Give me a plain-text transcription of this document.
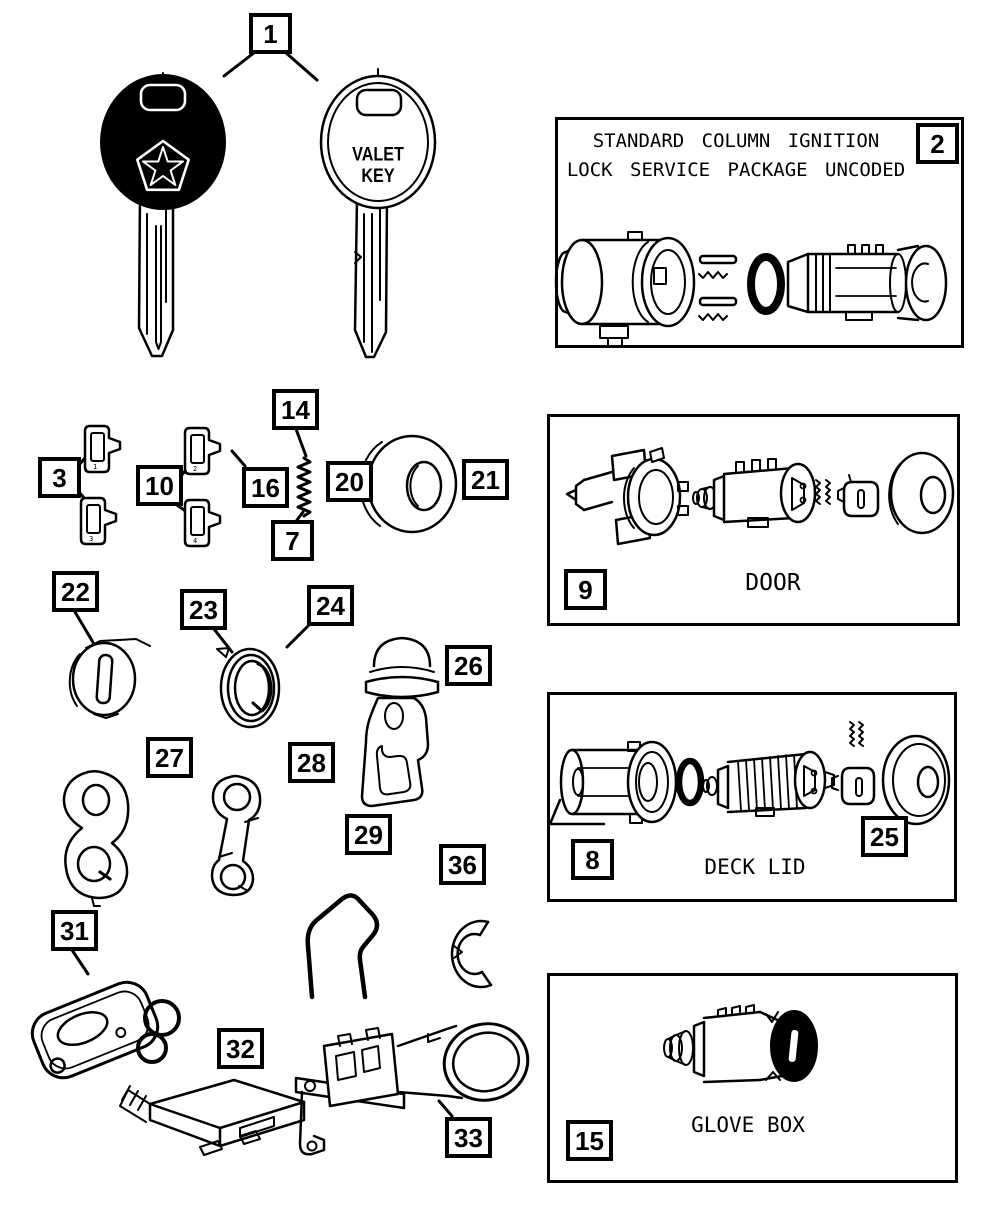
1	2
3	4
STANDARD COLUMN IGNITION
LOCK SERVICE PACKAGE UNCODED
DOOR
DECK LID
GLOVE BOX
VALET
KEY
1
2
3	10
14
16
7
20	21
22
23	24
26
27	28
29
36
31
32
33
9
8
25
15
